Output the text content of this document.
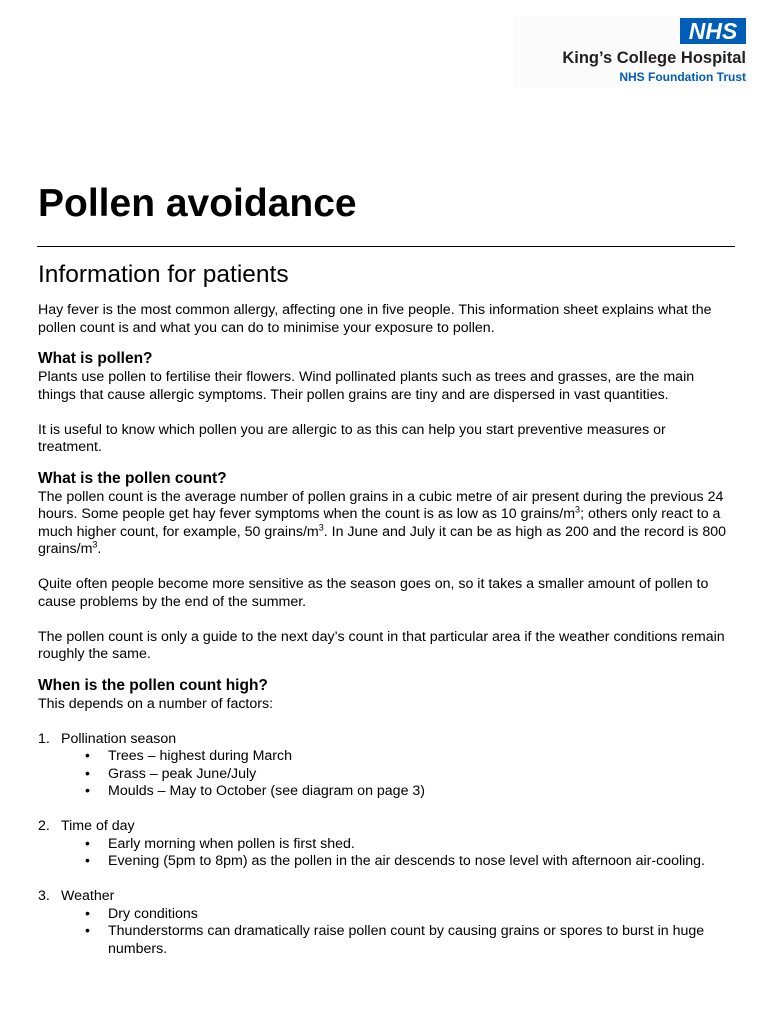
NHS
King’s College Hospital
NHS Foundation Trust
Pollen avoidance
Information for patients

Hay fever is the most common allergy, affecting one in five people. This information sheet explains what the pollen count is and what you can do to minimise your exposure to pollen.

What is pollen?

Plants use pollen to fertilise their flowers. Wind pollinated plants such as trees and grasses, are the main things that cause allergic symptoms. Their pollen grains are tiny and are dispersed in vast quantities.

It is useful to know which pollen you are allergic to as this can help you start preventive measures or treatment.

What is the pollen count?

The pollen count is the average number of pollen grains in a cubic metre of air present during the previous 24 hours. Some people get hay fever symptoms when the count is as low as 10 grains/$m^3$; others only react to a much higher count, for example, 50 grains/$m^3$. In June and July it can be as high as 200 and the record is 800 grains/$m^3$.

Quite often people become more sensitive as the season goes on, so it takes a smaller amount of pollen to cause problems by the end of the summer.

The pollen count is only a guide to the next day’s count in that particular area if the weather conditions remain roughly the same.

When is the pollen count high?

This depends on a number of factors:

1. Pollination season
• Trees – highest during March
• Grass – peak June/July
• Moulds – May to October (see diagram on page 3)
2. Time of day
• Early morning when pollen is first shed.
• Evening (5pm to 8pm) as the pollen in the air descends to nose level with afternoon air-cooling.
3. Weather
• Dry conditions
• Thunderstorms can dramatically raise pollen count by causing grains or spores to burst in huge numbers.
